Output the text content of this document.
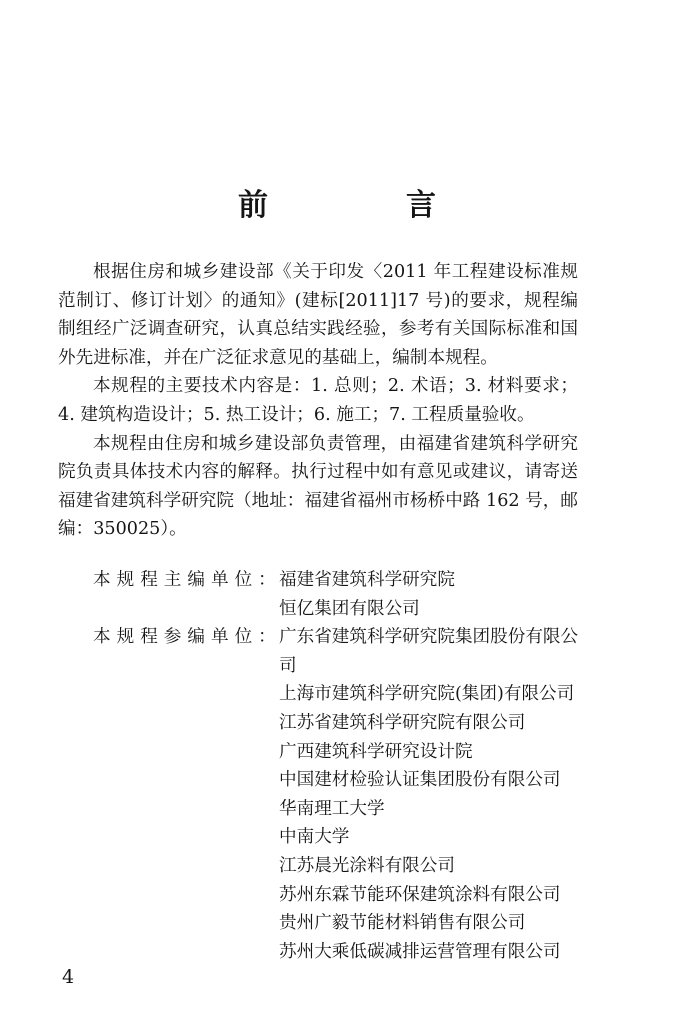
前　言

根据住房和城乡建设部《关于印发〈2011 年工程建设标准规范制订、修订计划〉的通知》(建标[2011]17 号)的要求，规程编制组经广泛调查研究，认真总结实践经验，参考有关国际标准和国外先进标准，并在广泛征求意见的基础上，编制本规程。

本规程的主要技术内容是：1. 总则；2. 术语；3. 材料要求；4. 建筑构造设计；5. 热工设计；6. 施工；7. 工程质量验收。

本规程由住房和城乡建设部负责管理，由福建省建筑科学研究院负责具体技术内容的解释。执行过程中如有意见或建议，请寄送福建省建筑科学研究院（地址：福建省福州市杨桥中路 162 号，邮编：350025）。

本规程主编单位：
福建省建筑科学研究院
恒亿集团有限公司
本规程参编单位：
广东省建筑科学研究院集团股份有限公司
上海市建筑科学研究院(集团)有限公司
江苏省建筑科学研究院有限公司
广西建筑科学研究设计院
中国建材检验认证集团股份有限公司
华南理工大学
中南大学
江苏晨光涂料有限公司
苏州东霖节能环保建筑涂料有限公司
贵州广毅节能材料销售有限公司
苏州大乘低碳减排运营管理有限公司
4
